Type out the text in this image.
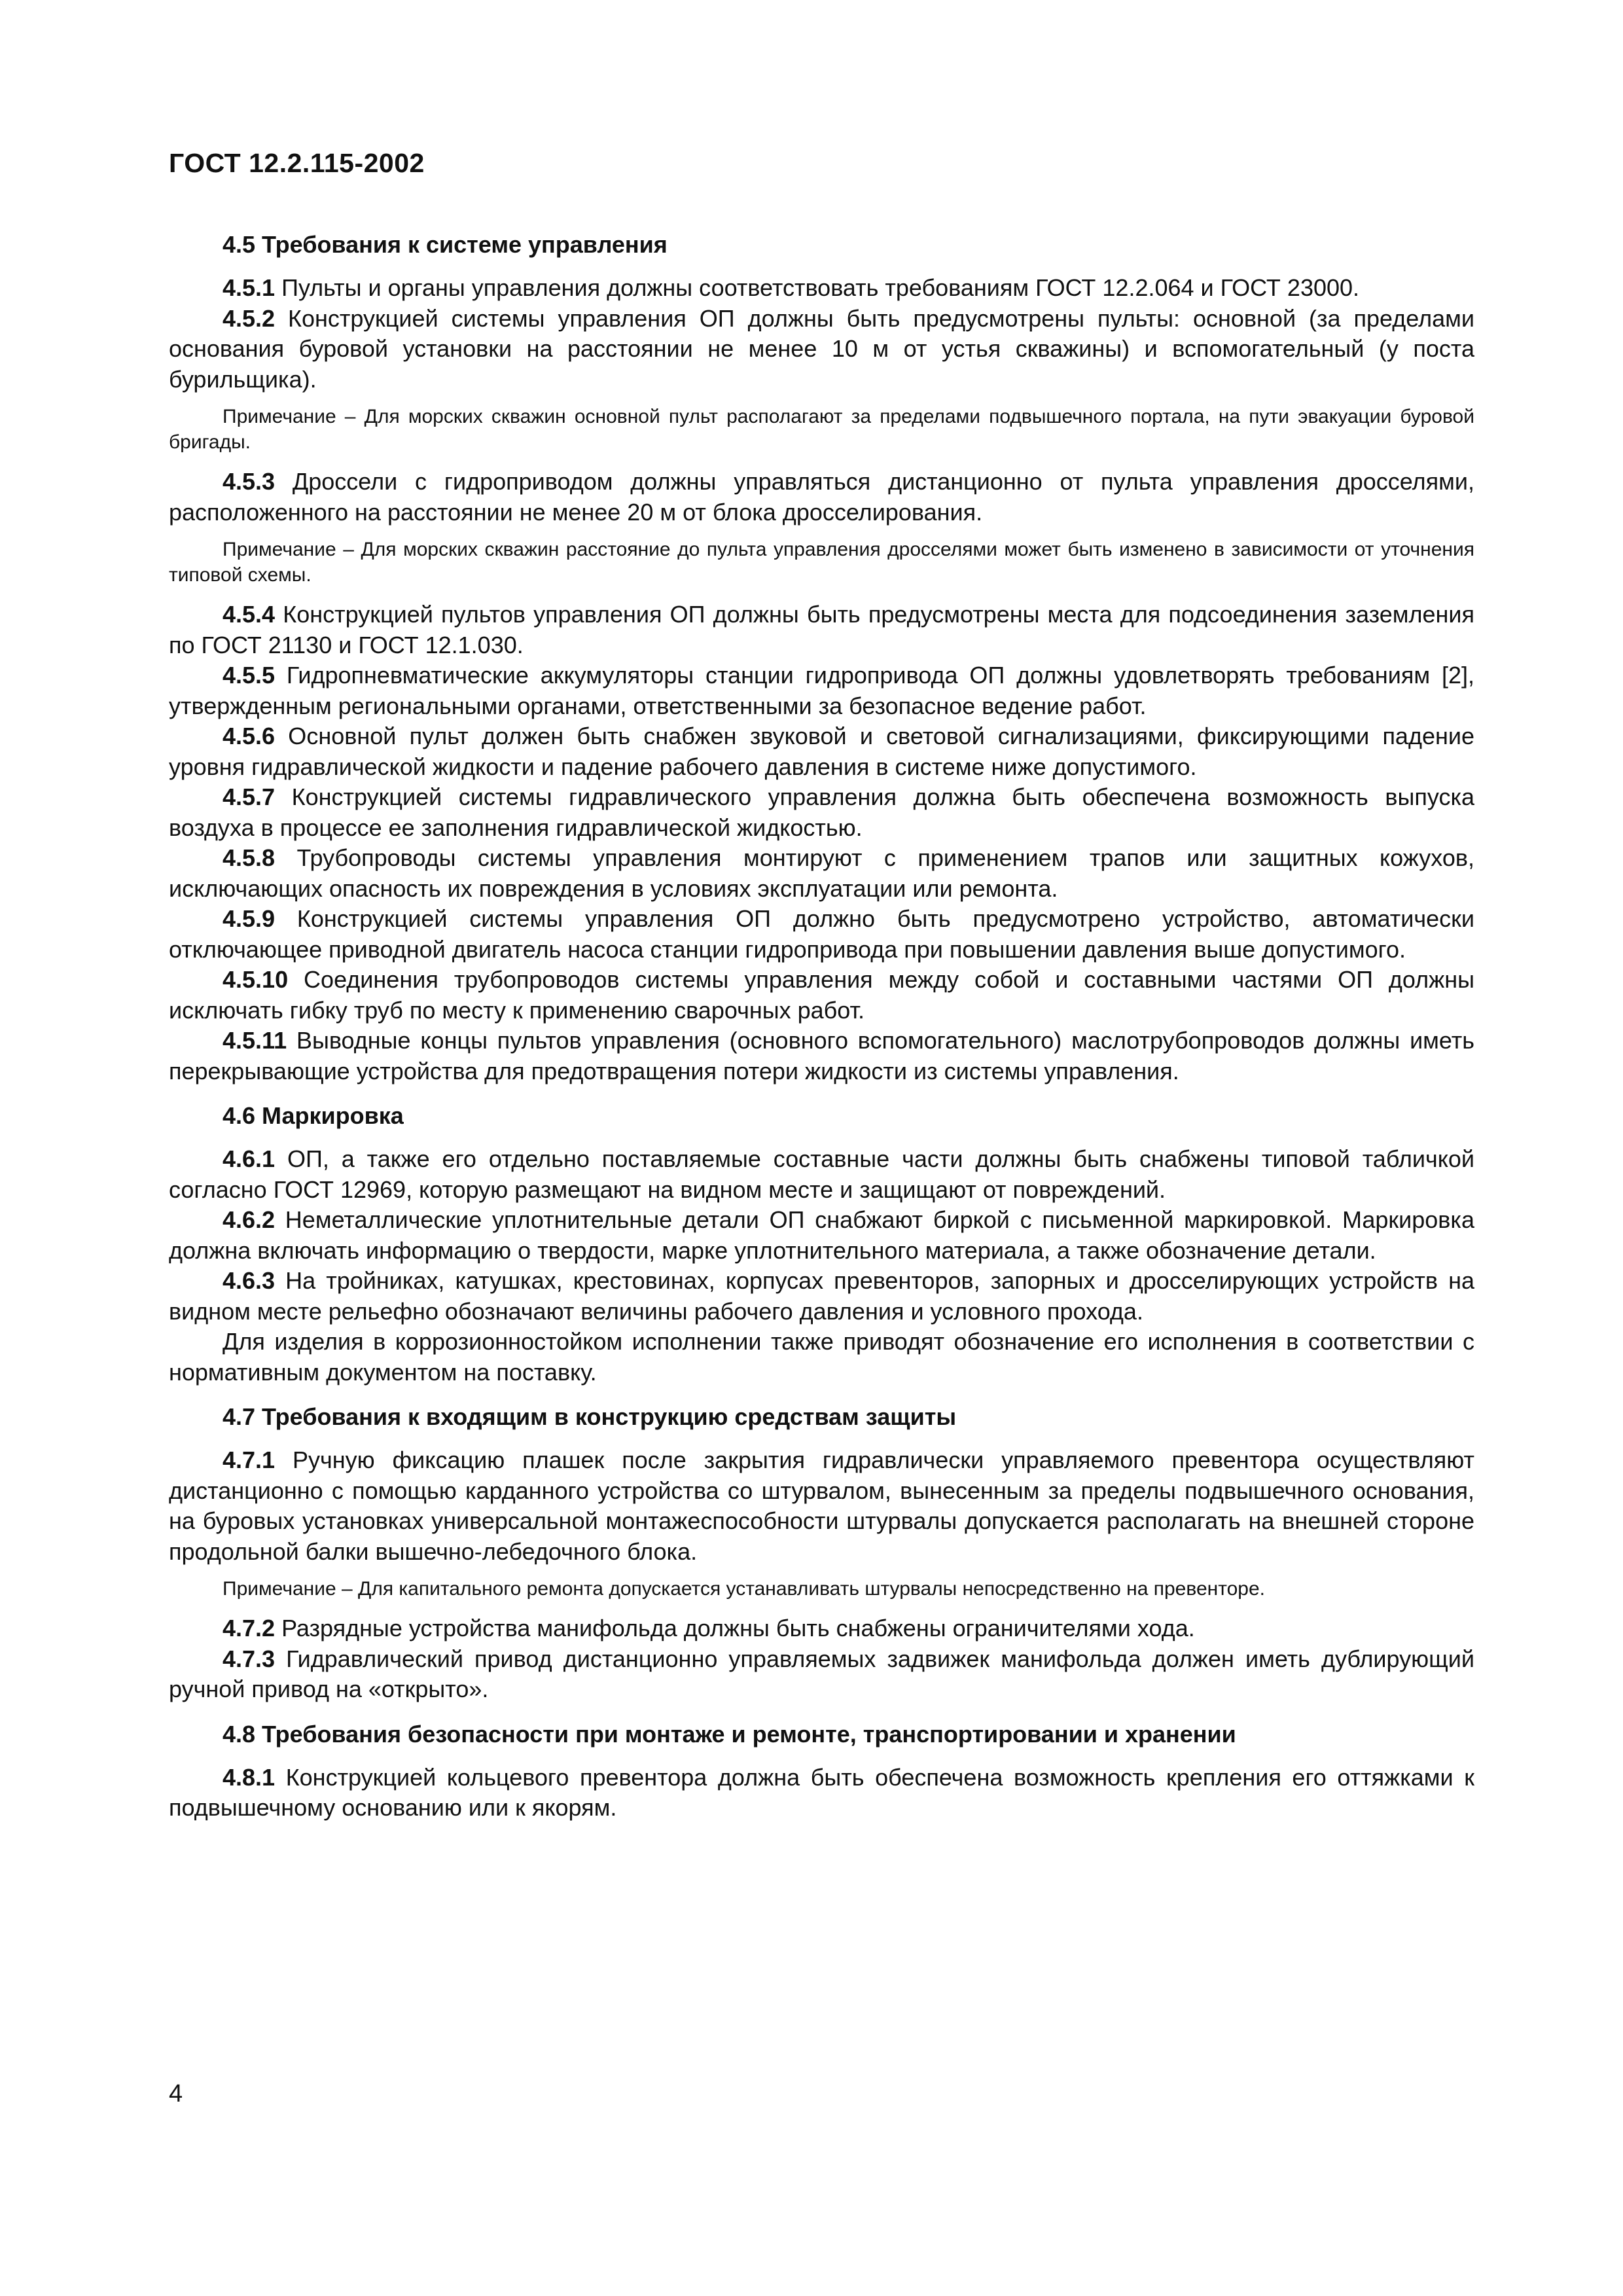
ГОСТ 12.2.115-2002
4.5 Требования к системе управления

4.5.1 Пульты и органы управления должны соответствовать требованиям ГОСТ 12.2.064 и ГОСТ 23000.

4.5.2 Конструкцией системы управления ОП должны быть предусмотрены пульты: основной (за пределами основания буровой установки на расстоянии не менее 10 м от устья скважины) и вспомогательный (у поста бурильщика).

Примечание – Для морских скважин основной пульт располагают за пределами подвышечного портала, на пути эвакуации буровой бригады.

4.5.3 Дроссели с гидроприводом должны управляться дистанционно от пульта управления дросселями, расположенного на расстоянии не менее 20 м от блока дросселирования.

Примечание – Для морских скважин расстояние до пульта управления дросселями может быть изменено в зависимости от уточнения типовой схемы.

4.5.4 Конструкцией пультов управления ОП должны быть предусмотрены места для подсоединения заземления по ГОСТ 21130 и ГОСТ 12.1.030.

4.5.5 Гидропневматические аккумуляторы станции гидропривода ОП должны удовлетворять требованиям [2], утвержденным региональными органами, ответственными за безопасное ведение работ.

4.5.6 Основной пульт должен быть снабжен звуковой и световой сигнализациями, фиксирующими падение уровня гидравлической жидкости и падение рабочего давления в системе ниже допустимого.

4.5.7 Конструкцией системы гидравлического управления должна быть обеспечена возможность выпуска воздуха в процессе ее заполнения гидравлической жидкостью.

4.5.8 Трубопроводы системы управления монтируют с применением трапов или защитных кожухов, исключающих опасность их повреждения в условиях эксплуатации или ремонта.

4.5.9 Конструкцией системы управления ОП должно быть предусмотрено устройство, автоматически отключающее приводной двигатель насоса станции гидропривода при повышении давления выше допустимого.

4.5.10 Соединения трубопроводов системы управления между собой и составными частями ОП должны исключать гибку труб по месту к применению сварочных работ.

4.5.11 Выводные концы пультов управления (основного вспомогательного) маслотрубопроводов должны иметь перекрывающие устройства для предотвращения потери жидкости из системы управления.

4.6 Маркировка

4.6.1 ОП, а также его отдельно поставляемые составные части должны быть снабжены типовой табличкой согласно ГОСТ 12969, которую размещают на видном месте и защищают от повреждений.

4.6.2 Неметаллические уплотнительные детали ОП снабжают биркой с письменной маркировкой. Маркировка должна включать информацию о твердости, марке уплотнительного материала, а также обозначение детали.

4.6.3 На тройниках, катушках, крестовинах, корпусах превенторов, запорных и дросселирующих устройств на видном месте рельефно обозначают величины рабочего давления и условного прохода.

Для изделия в коррозионностойком исполнении также приводят обозначение его исполнения в соответствии с нормативным документом на поставку.

4.7 Требования к входящим в конструкцию средствам защиты

4.7.1 Ручную фиксацию плашек после закрытия гидравлически управляемого превентора осуществляют дистанционно с помощью карданного устройства со штурвалом, вынесенным за пределы подвышечного основания, на буровых установках универсальной монтажеспособности штурвалы допускается располагать на внешней стороне продольной балки вышечно-лебедочного блока.

Примечание – Для капитального ремонта допускается устанавливать штурвалы непосредственно на превенторе.

4.7.2 Разрядные устройства манифольда должны быть снабжены ограничителями хода.

4.7.3 Гидравлический привод дистанционно управляемых задвижек манифольда должен иметь дублирующий ручной привод на «открыто».

4.8 Требования безопасности при монтаже и ремонте, транспортировании и хранении

4.8.1 Конструкцией кольцевого превентора должна быть обеспечена возможность крепления его оттяжками к подвышечному основанию или к якорям.

4
